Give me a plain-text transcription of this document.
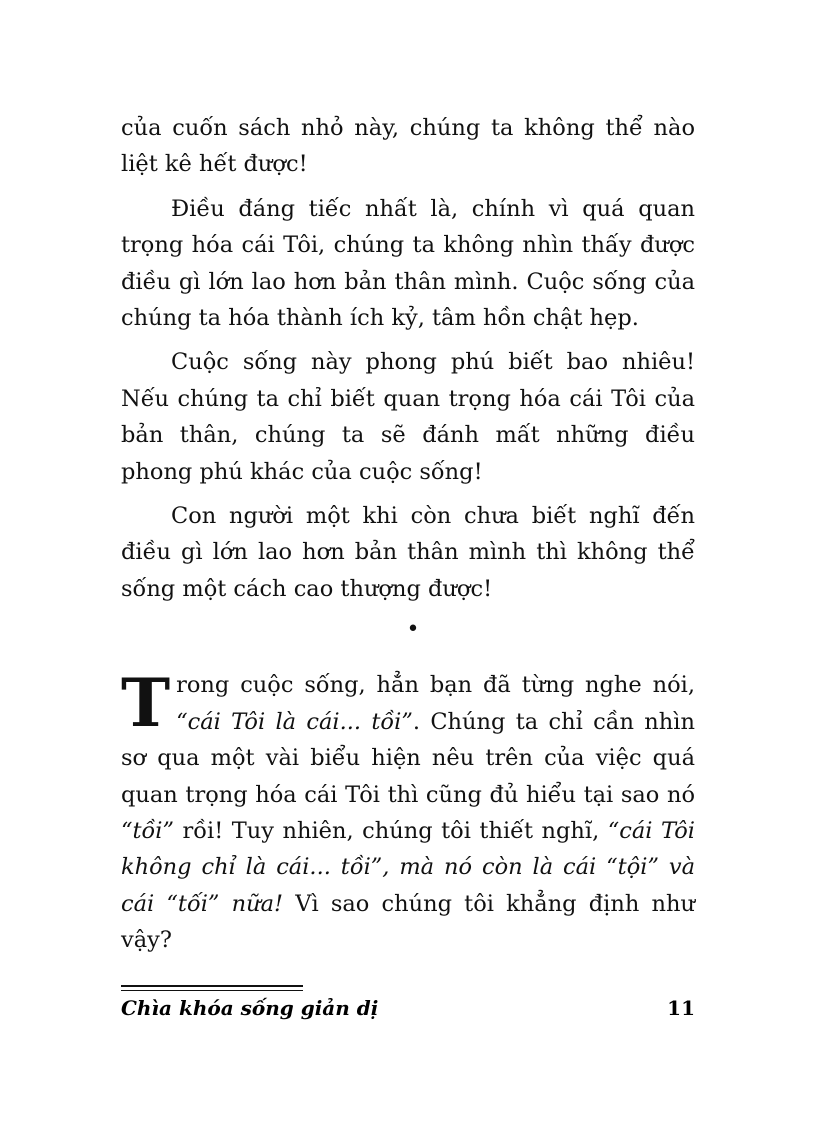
của cuốn sách nhỏ này, chúng ta không thể nào liệt kê hết được!

Điều đáng tiếc nhất là, chính vì quá quan trọng hóa cái Tôi, chúng ta không nhìn thấy được điều gì lớn lao hơn bản thân mình. Cuộc sống của chúng ta hóa thành ích kỷ, tâm hồn chật hẹp.

Cuộc sống này phong phú biết bao nhiêu! Nếu chúng ta chỉ biết quan trọng hóa cái Tôi của bản thân, chúng ta sẽ đánh mất những điều phong phú khác của cuộc sống!

Con người một khi còn chưa biết nghĩ đến điều gì lớn lao hơn bản thân mình thì không thể sống một cách cao thượng được!

•

Trong cuộc sống, hẳn bạn đã từng nghe nói, “cái Tôi là cái... tồi”. Chúng ta chỉ cần nhìn sơ qua một vài biểu hiện nêu trên của việc quá quan trọng hóa cái Tôi thì cũng đủ hiểu tại sao nó “tồi” rồi! Tuy nhiên, chúng tôi thiết nghĩ, “cái Tôi không chỉ là cái... tồi”, mà nó còn là cái “tội” và cái “tối” nữa! Vì sao chúng tôi khẳng định như vậy?

Chìa khóa sống giản dị	11
